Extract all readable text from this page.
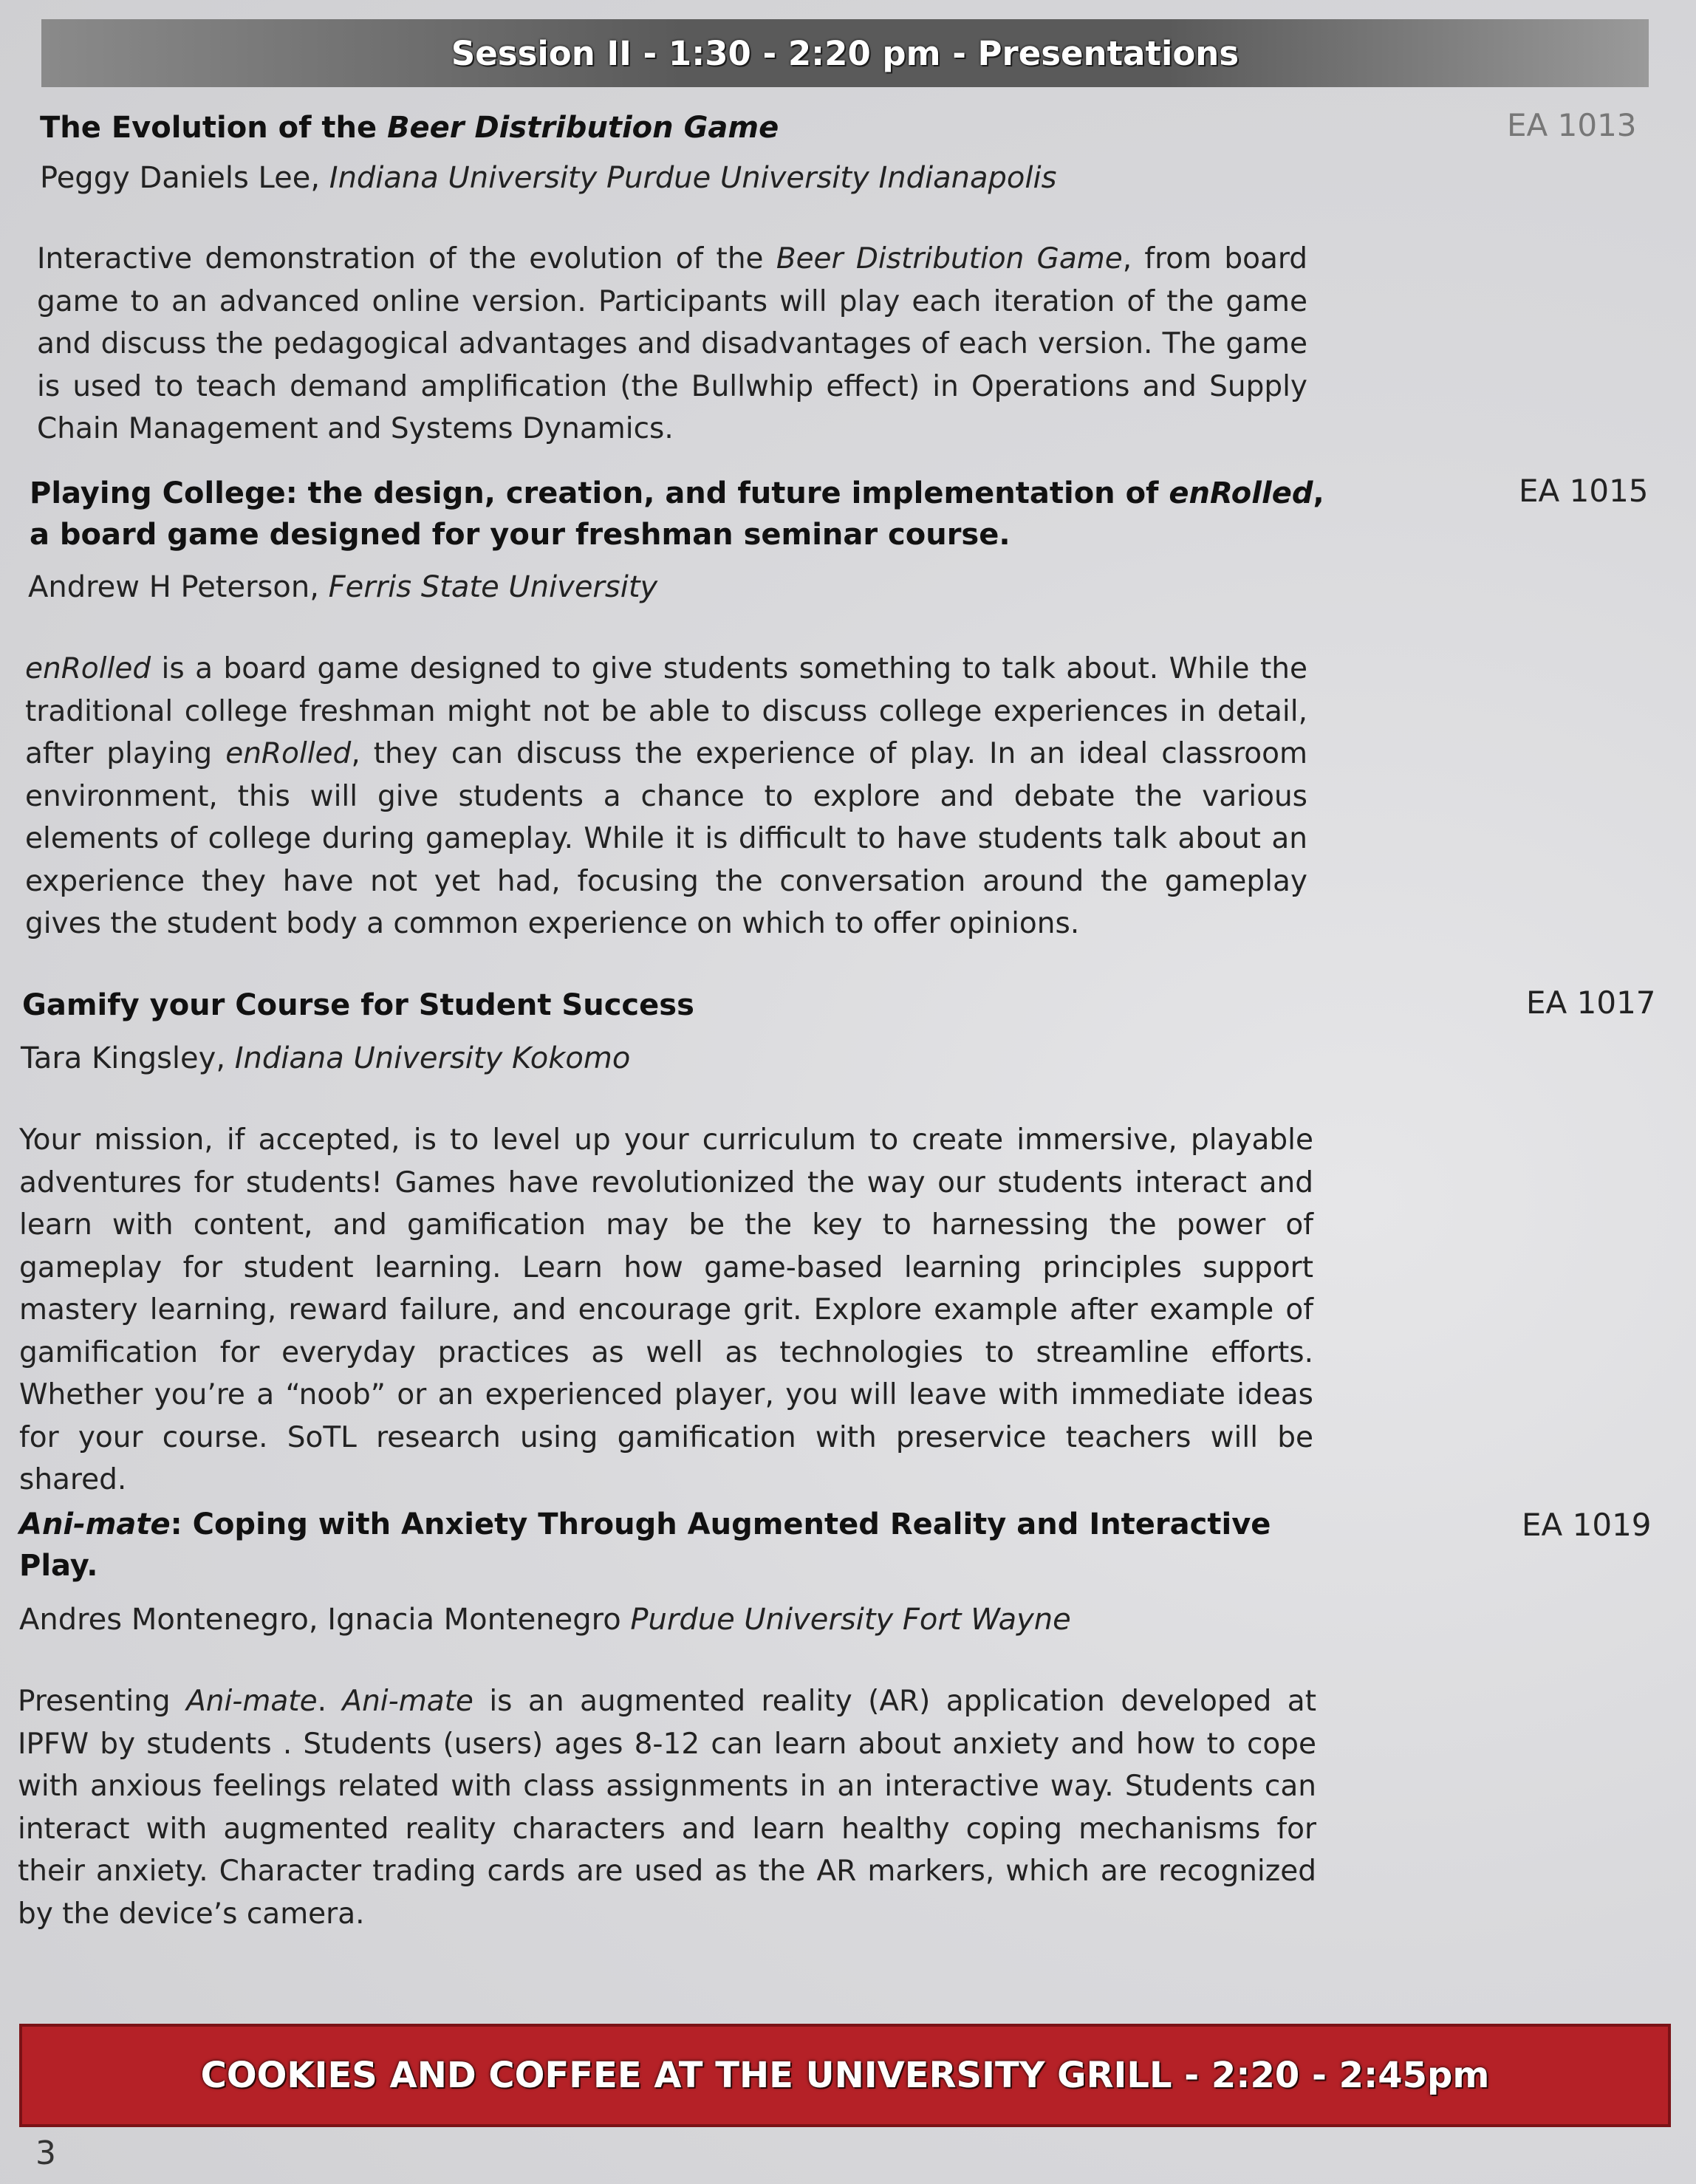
Session II - 1:30 - 2:20 pm - Presentations
The Evolution of the Beer Distribution Game	EA 1013
Peggy Daniels Lee, Indiana University Purdue University Indianapolis
Interactive demonstration of the evolution of the Beer Distribution Game, from board game to an advanced online version. Participants will play each iteration of the game and discuss the pedagogical advantages and disadvantages of each version. The game is used to teach demand amplification (the Bullwhip effect) in Operations and Supply Chain Management and Systems Dynamics.
Playing College: the design, creation, and future implementation of enRolled, a board game designed for your freshman seminar course.
EA 1015
Andrew H Peterson, Ferris State University
enRolled is a board game designed to give students something to talk about. While the traditional college freshman might not be able to discuss college experiences in detail, after playing enRolled, they can discuss the experience of play. In an ideal classroom environment, this will give students a chance to explore and debate the various elements of college during gameplay. While it is difficult to have students talk about an experience they have not yet had, focusing the conversation around the gameplay gives the student body a common experience on which to offer opinions.
Gamify your Course for Student Success	EA 1017
Tara Kingsley, Indiana University Kokomo
Your mission, if accepted, is to level up your curriculum to create immersive, playable adventures for students! Games have revolutionized the way our students interact and learn with content, and gamification may be the key to harnessing the power of gameplay for student learning. Learn how game-based learning principles support mastery learning, reward failure, and encourage grit. Explore example after example of gamification for everyday practices as well as technologies to streamline efforts. Whether you’re a “noob” or an experienced player, you will leave with immediate ideas for your course. SoTL research using gamification with preservice teachers will be shared.
Ani-mate: Coping with Anxiety Through Augmented Reality and Interactive Play.
EA 1019
Andres Montenegro, Ignacia Montenegro Purdue University Fort Wayne
Presenting Ani-mate. Ani-mate is an augmented reality (AR) application developed at IPFW by students . Students (users) ages 8-12 can learn about anxiety and how to cope with anxious feelings related with class assignments in an interactive way. Students can interact with augmented reality characters and learn healthy coping mechanisms for their anxiety. Character trading cards are used as the AR markers, which are recognized by the device’s camera.
COOKIES AND COFFEE AT THE UNIVERSITY GRILL - 2:20 - 2:45pm
3
